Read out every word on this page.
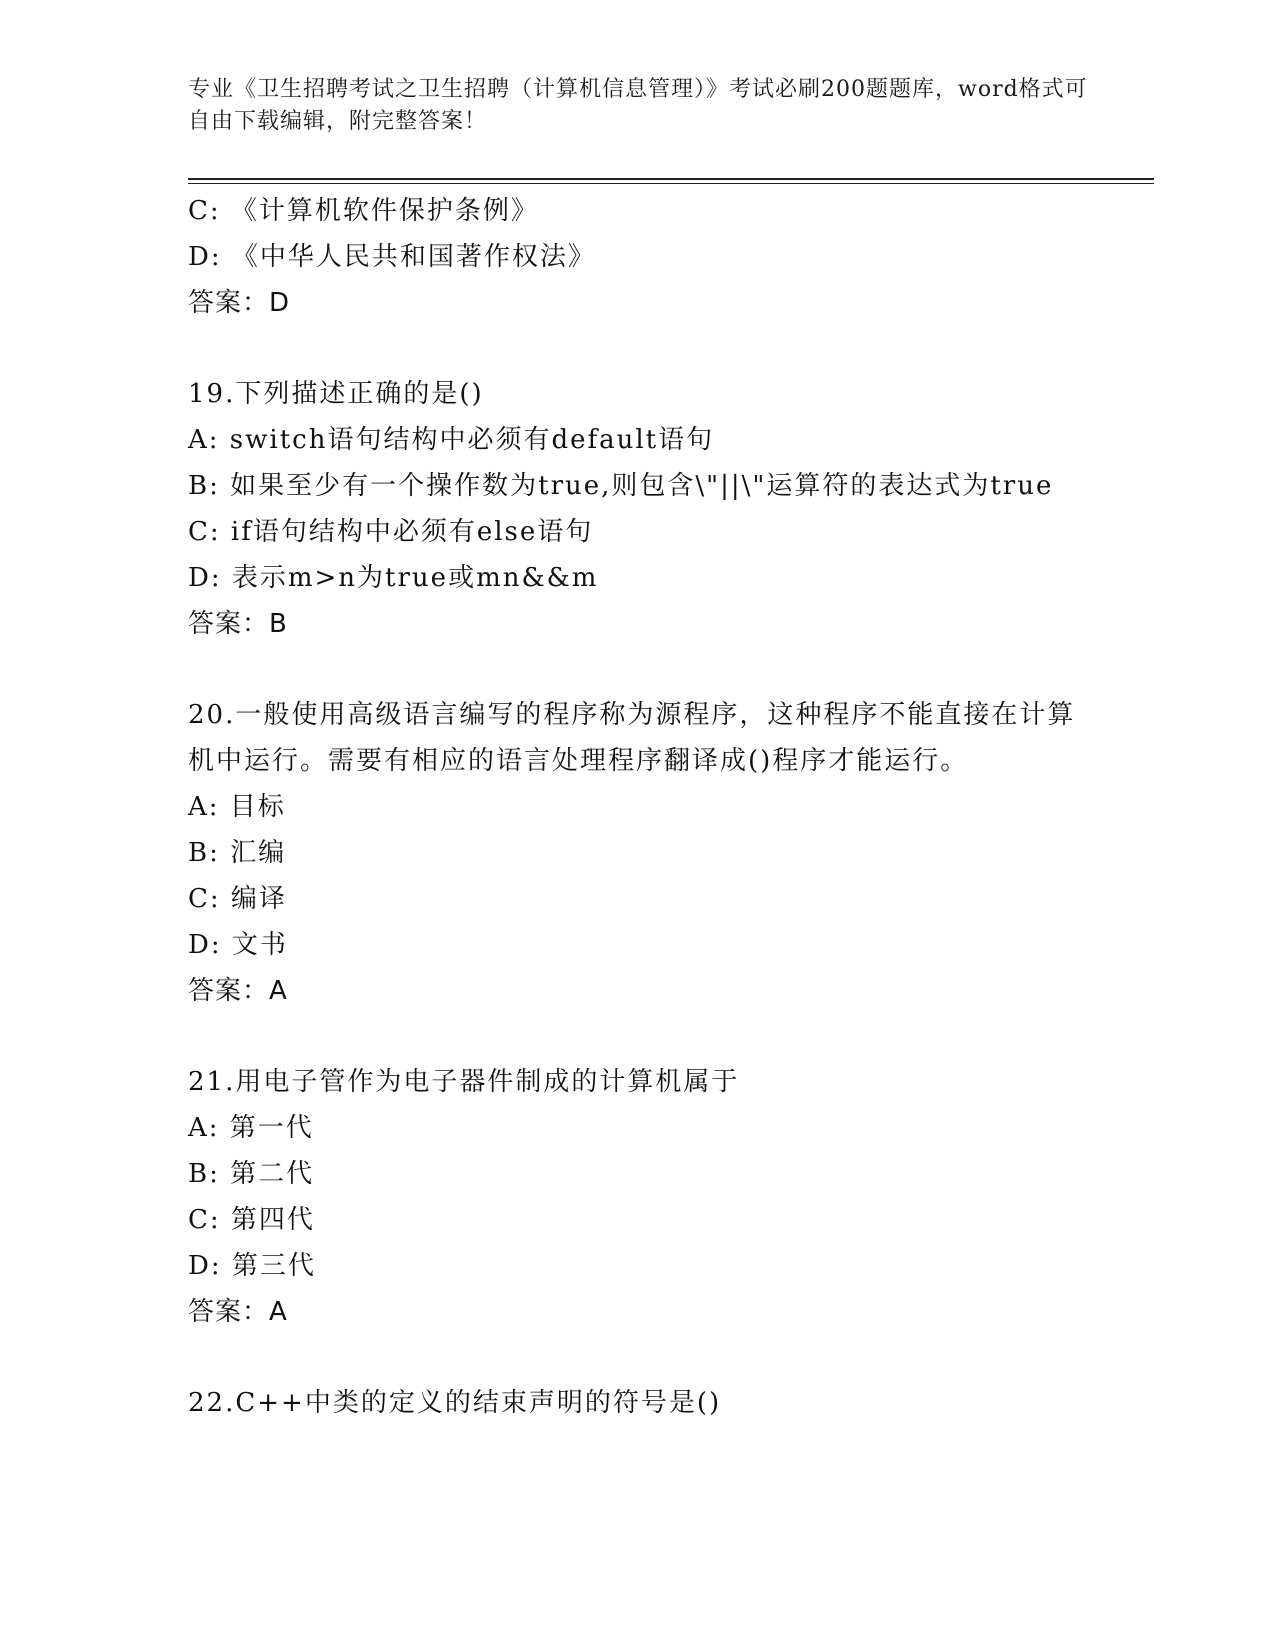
专业《卫生招聘考试之卫生招聘（计算机信息管理）》考试必刷200题题库，word格式可自由下载编辑，附完整答案！
C: 《计算机软件保护条例》
D: 《中华人民共和国著作权法》
答案：D
19.下列描述正确的是()
A: switch语句结构中必须有default语句
B: 如果至少有一个操作数为true,则包含\"||\"运算符的表达式为true
C: if语句结构中必须有else语句
D: 表示m>n为true或mn&&m
答案：B
20.一般使用高级语言编写的程序称为源程序，这种程序不能直接在计算机中运行。需要有相应的语言处理程序翻译成()程序才能运行。
A: 目标
B: 汇编
C: 编译
D: 文书
答案：A
21.用电子管作为电子器件制成的计算机属于
A: 第一代
B: 第二代
C: 第四代
D: 第三代
答案：A
22.C++中类的定义的结束声明的符号是()
